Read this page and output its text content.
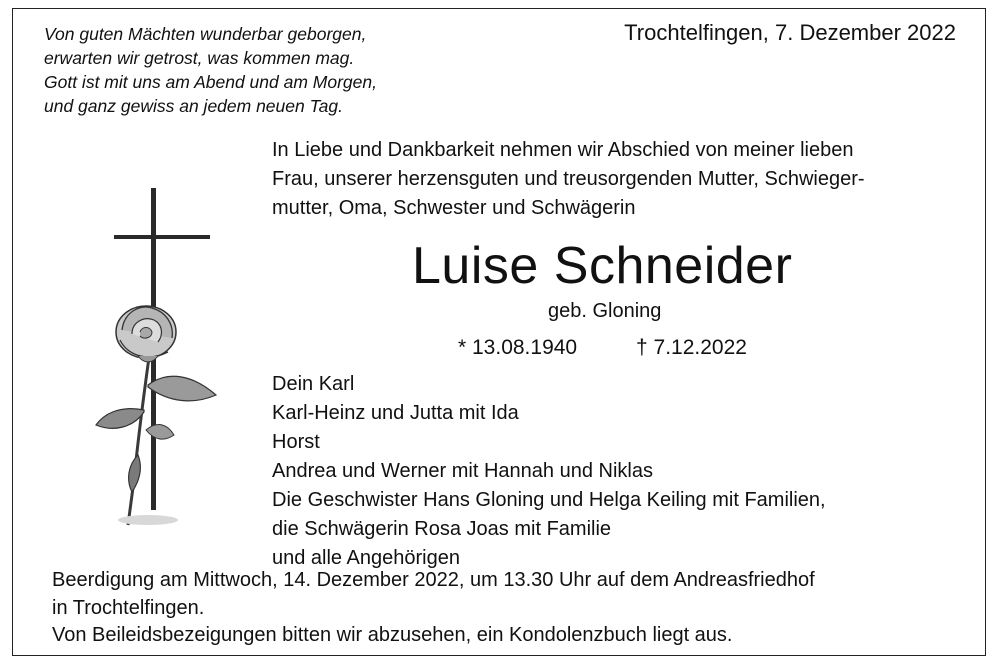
Von guten Mächten wunderbar geborgen,
erwarten wir getrost, was kommen mag.
Gott ist mit uns am Abend und am Morgen,
und ganz gewiss an jedem neuen Tag.
Trochtelfingen, 7. Dezember 2022
In Liebe und Dankbarkeit nehmen wir Abschied von meiner lieben
Frau, unserer herzensguten und treusorgenden Mutter, Schwieger-
mutter, Oma, Schwester und Schwägerin
Luise Schneider
geb. Gloning
* 13.08.1940	† 7.12.2022
Dein Karl
Karl-Heinz und Jutta mit Ida
Horst
Andrea und Werner mit Hannah und Niklas
Die Geschwister Hans Gloning und Helga Keiling mit Familien,
die Schwägerin Rosa Joas mit Familie
und alle Angehörigen
Beerdigung am Mittwoch, 14. Dezember 2022, um 13.30 Uhr auf dem Andreasfriedhof
in Trochtelfingen.
Von Beileidsbezeigungen bitten wir abzusehen, ein Kondolenzbuch liegt aus.
